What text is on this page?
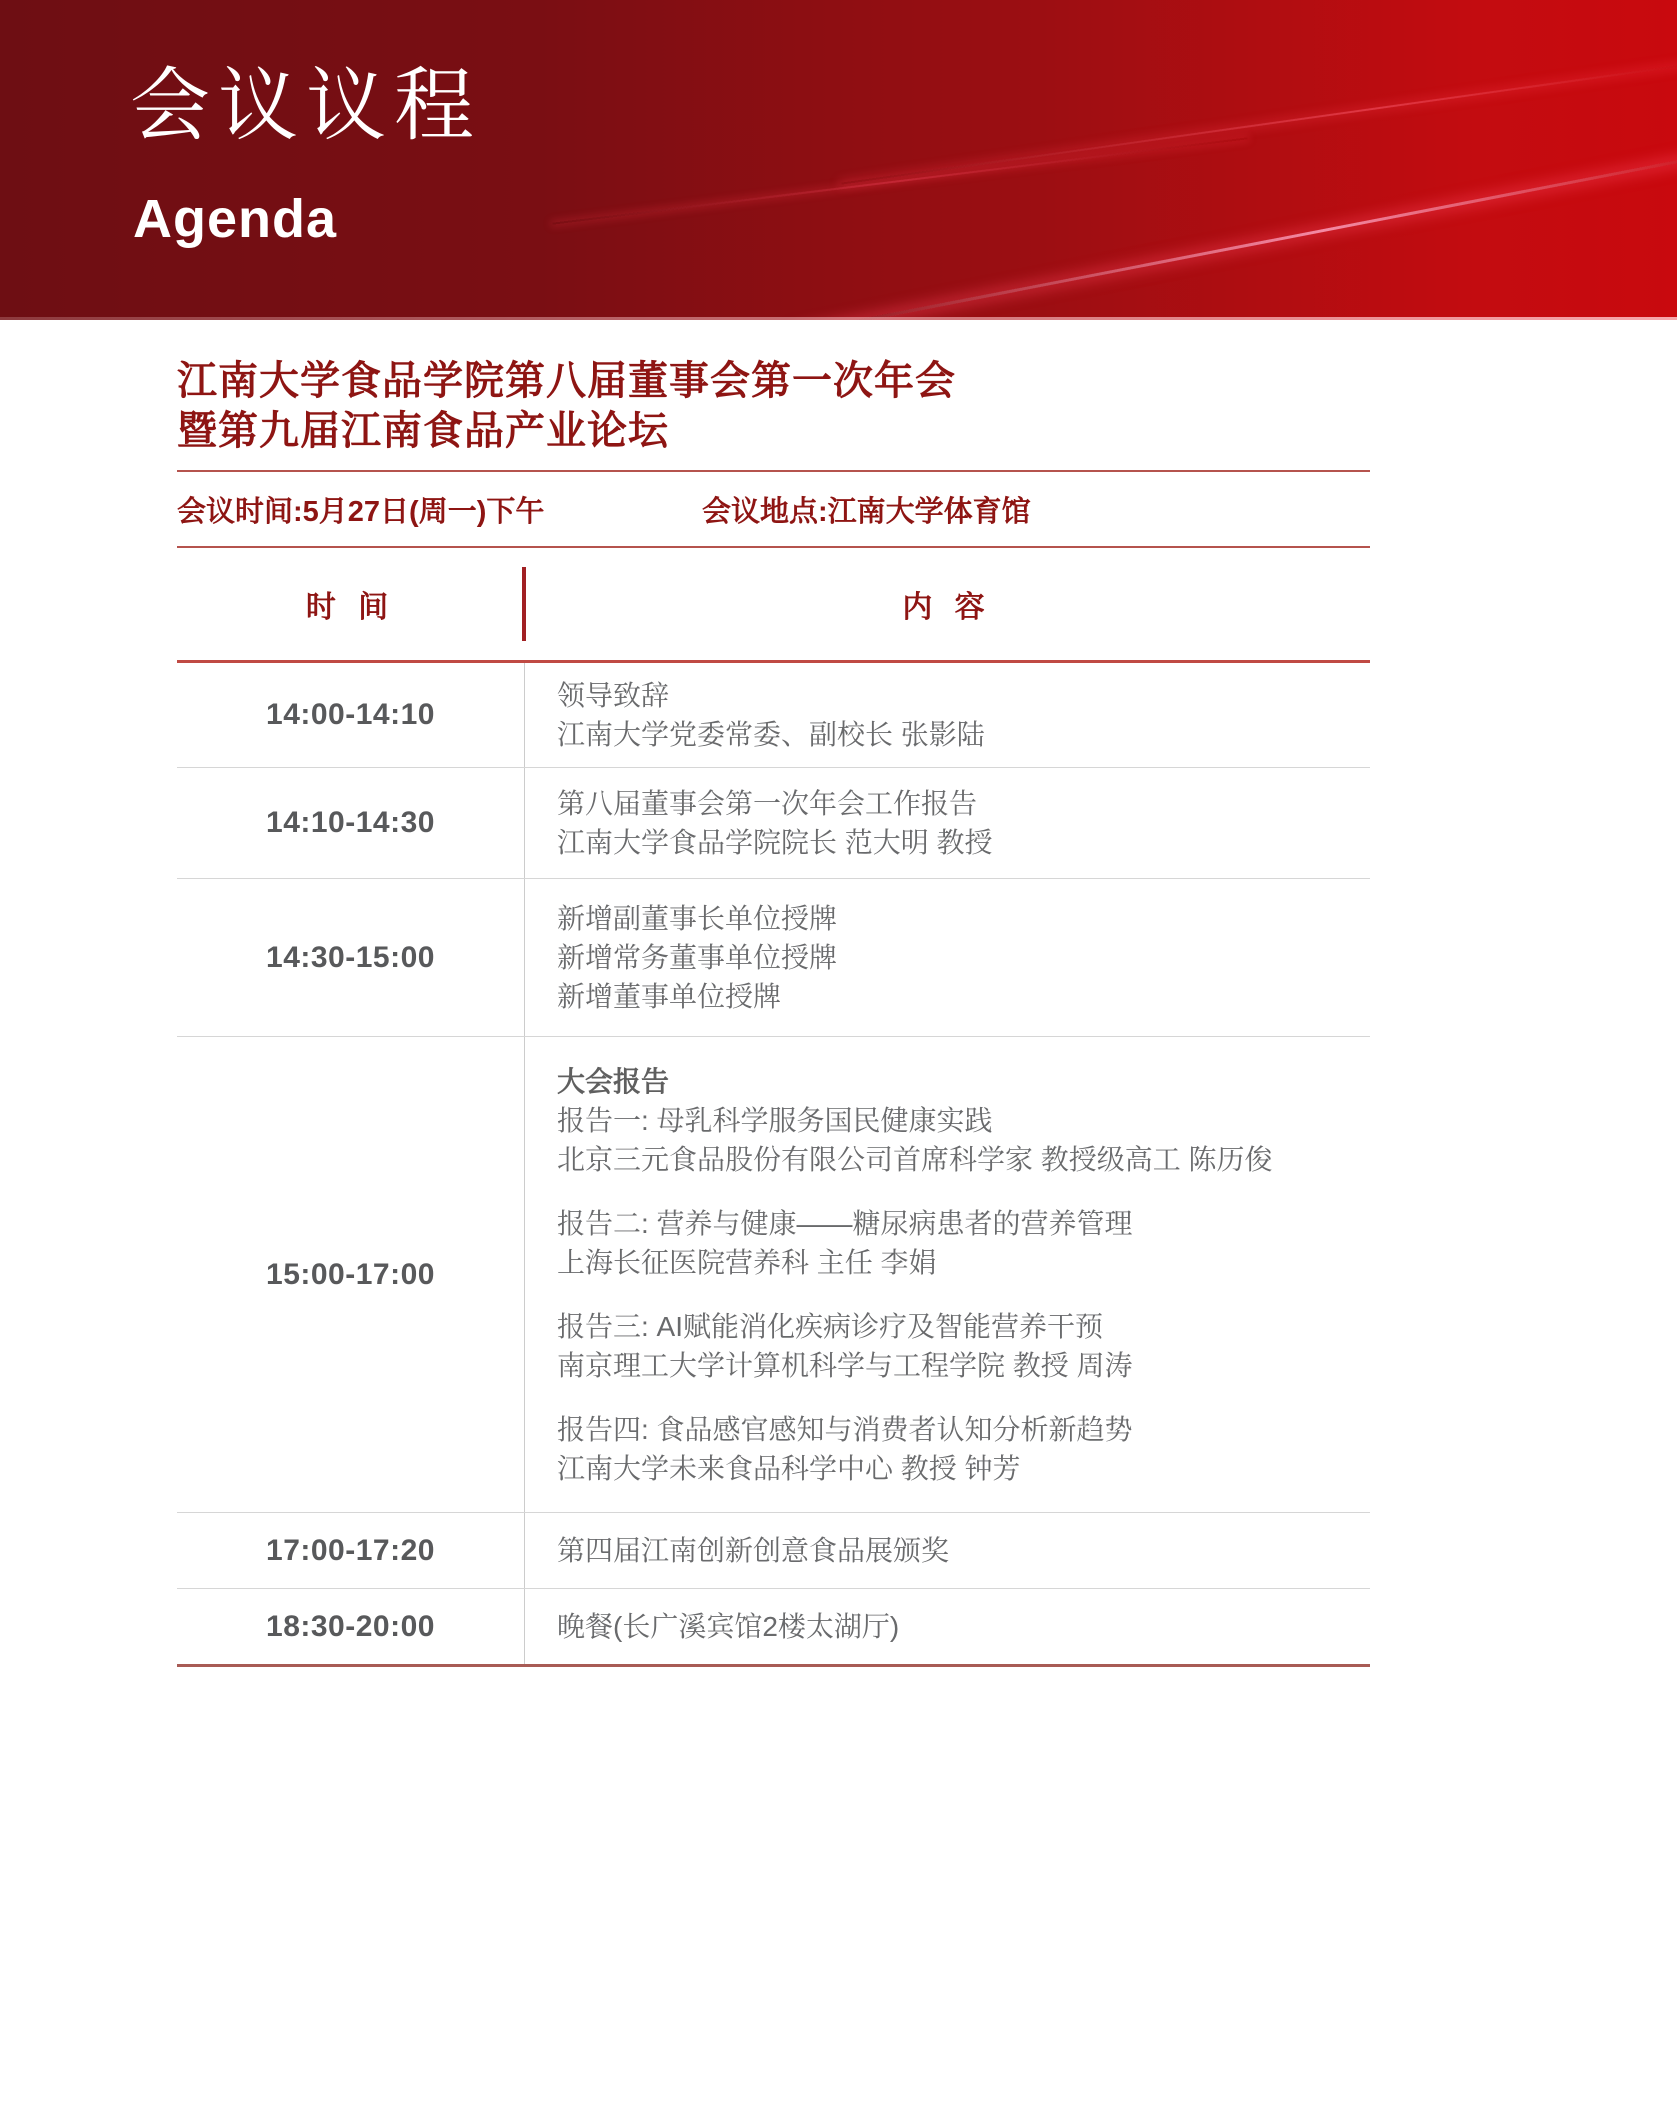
会议议程
Agenda
江南大学食品学院第八届董事会第一次年会
暨第九届江南食品产业论坛
会议时间:5月27日(周一)下午	会议地点:江南大学体育馆
时 间	内 容
14:00-14:10
领导致辞
江南大学党委常委、副校长 张影陆
14:10-14:30
第八届董事会第一次年会工作报告
江南大学食品学院院长 范大明 教授
14:30-15:00
新增副董事长单位授牌
新增常务董事单位授牌
新增董事单位授牌
15:00-17:00
大会报告
报告一: 母乳科学服务国民健康实践
北京三元食品股份有限公司首席科学家 教授级高工 陈历俊
报告二: 营养与健康——糖尿病患者的营养管理
上海长征医院营养科 主任 李娟
报告三: AI赋能消化疾病诊疗及智能营养干预
南京理工大学计算机科学与工程学院 教授 周涛
报告四: 食品感官感知与消费者认知分析新趋势
江南大学未来食品科学中心 教授 钟芳
17:00-17:20	第四届江南创新创意食品展颁奖
18:30-20:00	晚餐(长广溪宾馆2楼太湖厅)
